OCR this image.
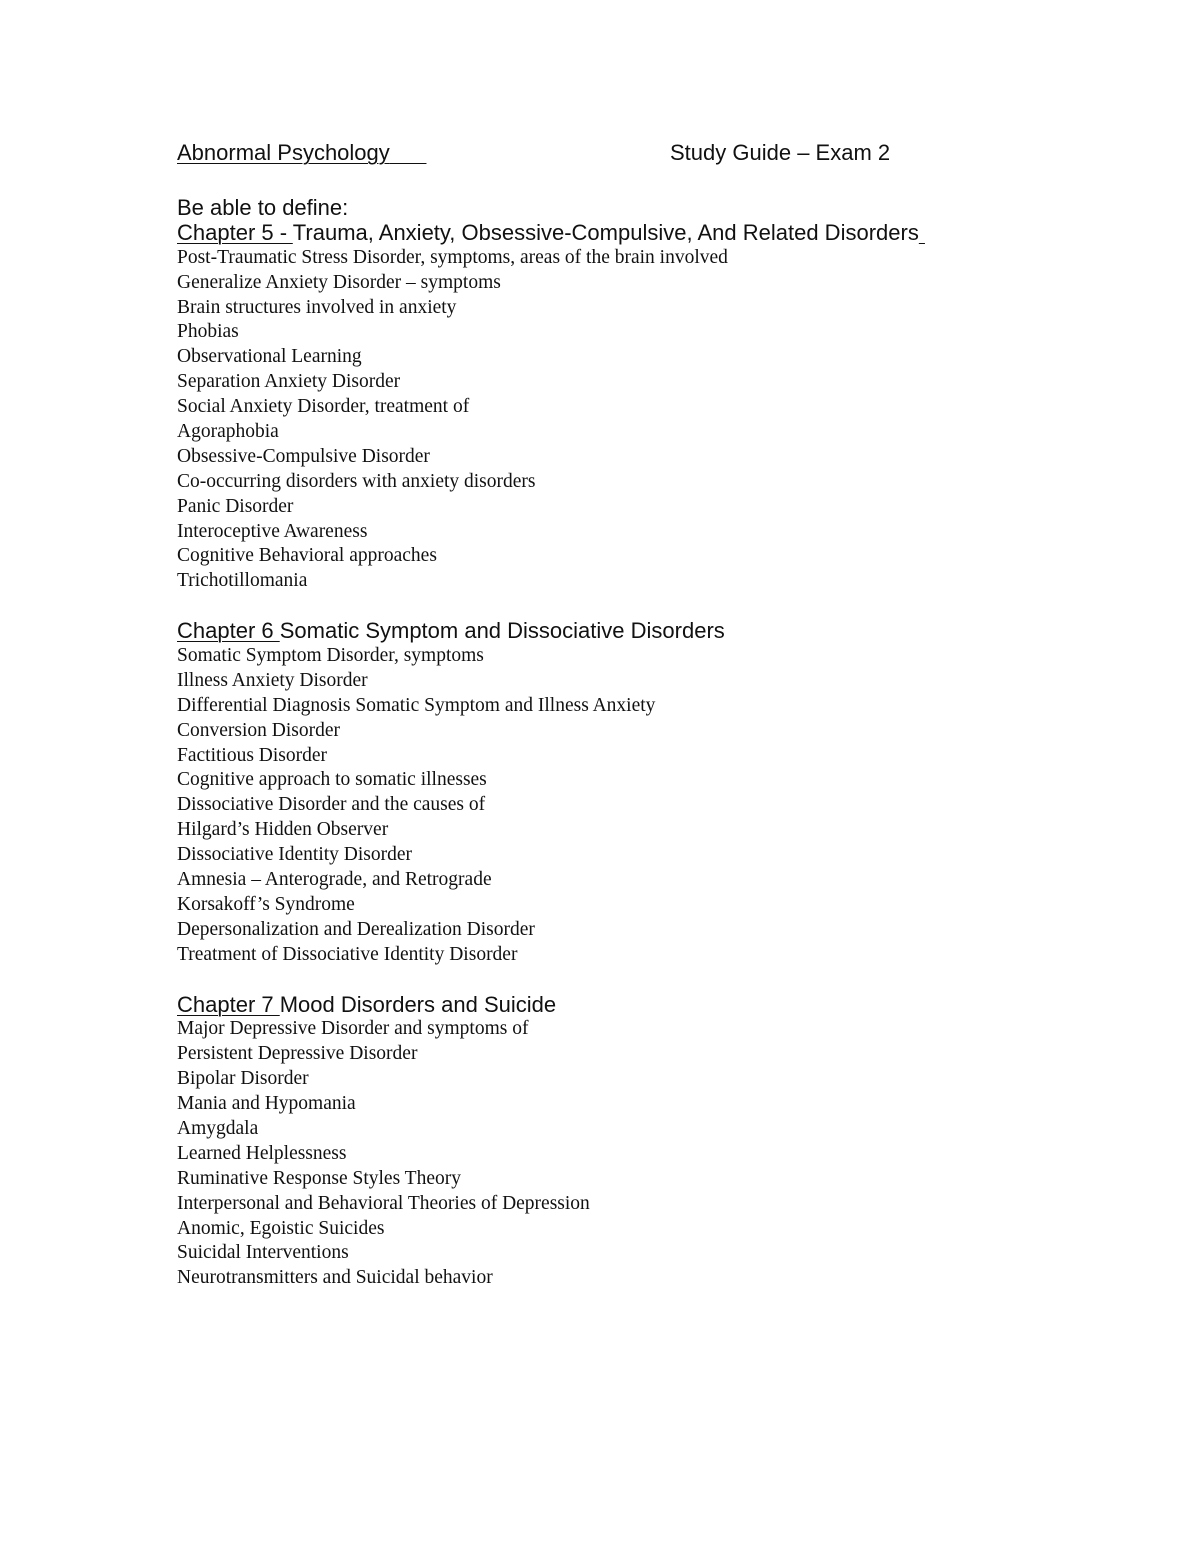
Abnormal Psychology	Study Guide – Exam 2
Be able to define:
Chapter 5 - Trauma, Anxiety, Obsessive-Compulsive, And Related Disorders
Post-Traumatic Stress Disorder, symptoms, areas of the brain involved
Generalize Anxiety Disorder – symptoms
Brain structures involved in anxiety
Phobias
Observational Learning
Separation Anxiety Disorder
Social Anxiety Disorder, treatment of
Agoraphobia
Obsessive-Compulsive Disorder
Co-occurring disorders with anxiety disorders
Panic Disorder
Interoceptive Awareness
Cognitive Behavioral approaches
Trichotillomania
Chapter 6 Somatic Symptom and Dissociative Disorders
Somatic Symptom Disorder, symptoms
Illness Anxiety Disorder
Differential Diagnosis Somatic Symptom and Illness Anxiety
Conversion Disorder
Factitious Disorder
Cognitive approach to somatic illnesses
Dissociative Disorder and the causes of
Hilgard’s Hidden Observer
Dissociative Identity Disorder
Amnesia – Anterograde, and Retrograde
Korsakoff’s Syndrome
Depersonalization and Derealization Disorder
Treatment of Dissociative Identity Disorder
Chapter 7 Mood Disorders and Suicide
Major Depressive Disorder and symptoms of
Persistent Depressive Disorder
Bipolar Disorder
Mania and Hypomania
Amygdala
Learned Helplessness
Ruminative Response Styles Theory
Interpersonal and Behavioral Theories of Depression
Anomic, Egoistic Suicides
Suicidal Interventions
Neurotransmitters and Suicidal behavior
